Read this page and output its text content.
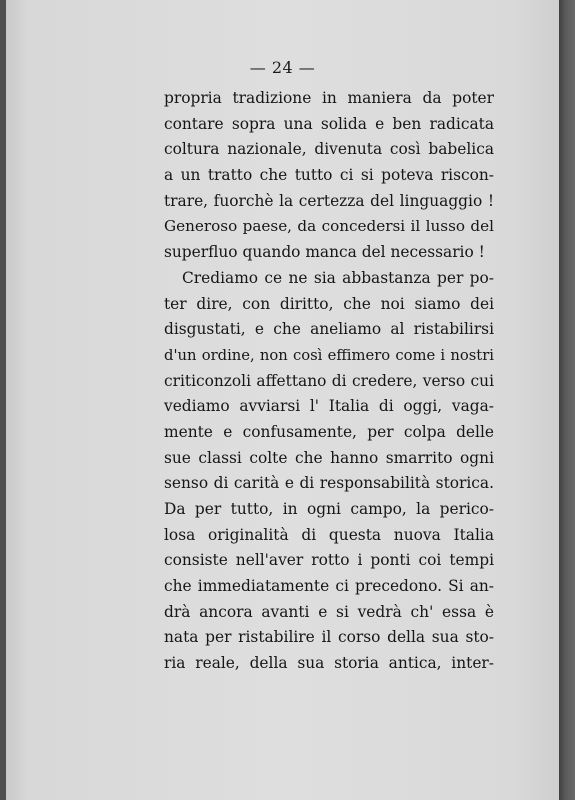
— 24 —

propria tradizione in maniera da poter
contare sopra una solida e ben radicata
coltura nazionale, divenuta così babelica
a un tratto che tutto ci si poteva riscon-
trare, fuorchè la certezza del linguaggio !
Generoso paese, da concedersi il lusso del
superfluo quando manca del necessario !

Crediamo ce ne sia abbastanza per po-
ter dire, con diritto, che noi siamo dei
disgustati, e che aneliamo al ristabilirsi
d'un ordine, non così effimero come i nostri
criticonzoli affettano di credere, verso cui
vediamo avviarsi l' Italia di oggi, vaga-
mente e confusamente, per colpa delle
sue classi colte che hanno smarrito ogni
senso di carità e di responsabilità storica.
Da per tutto, in ogni campo, la perico-
losa originalità di questa nuova Italia
consiste nell'aver rotto i ponti coi tempi
che immediatamente ci precedono. Si an-
drà ancora avanti e si vedrà ch' essa è
nata per ristabilire il corso della sua sto-
ria reale, della sua storia antica, inter-
